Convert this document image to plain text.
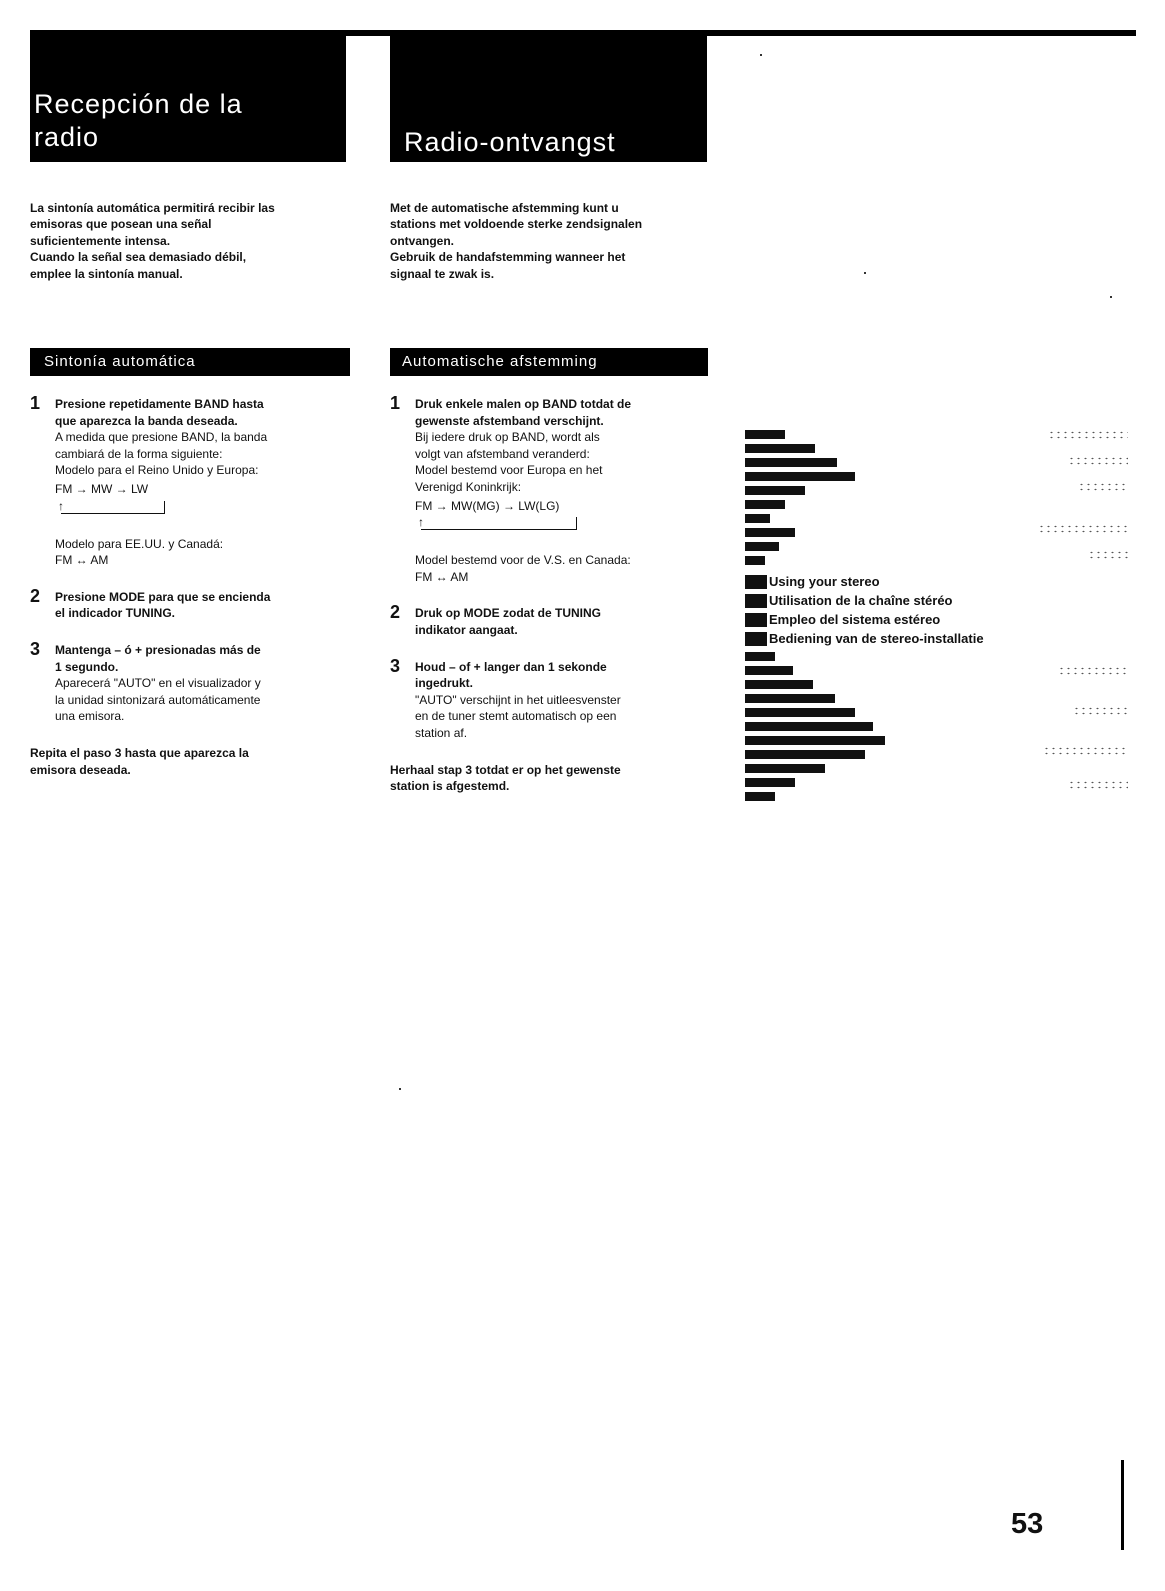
Recepción de la
radio	Radio-ontvangst

La sintonía automática permitirá recibir las

emisoras que posean una señal

suficientemente intensa.

Cuando la señal sea demasiado débil,

emplee la sintonía manual.

Met de automatische afstemming kunt u

stations met voldoende sterke zendsignalen

ontvangen.

Gebruik de handafstemming wanneer het

signaal te zwak is.

Sintonía automática	Automatische afstemming
1 Presione repetidamente BAND hasta

que aparezca la banda deseada.

A medida que presione BAND, la banda

cambiará de la forma siguiente:

Modelo para el Reino Unido y Europa:

FM → MW → LW
↑

Modelo para EE.UU. y Canadá:

FM ↔ AM

2 Presione MODE para que se encienda

el indicador TUNING.

3 Mantenga – ó + presionadas más de

1 segundo.

Aparecerá "AUTO" en el visualizador y

la unidad sintonizará automáticamente

una emisora.

Repita el paso 3 hasta que aparezca la
emisora deseada.
1 Druk enkele malen op BAND totdat de

gewenste afstemband verschijnt.

Bij iedere druk op BAND, wordt als

volgt van afstemband veranderd:

Model bestemd voor Europa en het

Verenigd Koninkrijk:

FM → MW(MG) → LW(LG)
↑

Model bestemd voor de V.S. en Canada:

FM ↔ AM

2 Druk op MODE zodat de TUNING

indikator aangaat.

3 Houd – of + langer dan 1 sekonde

ingedrukt.

"AUTO" verschijnt in het uitleesvenster

en de tuner stemt automatisch op een

station af.

Herhaal stap 3 totdat er op het gewenste
station is afgestemd.
Using your stereo
Utilisation de la chaîne stéréo
Empleo del sistema estéreo
Bediening van de stereo-installatie
53
